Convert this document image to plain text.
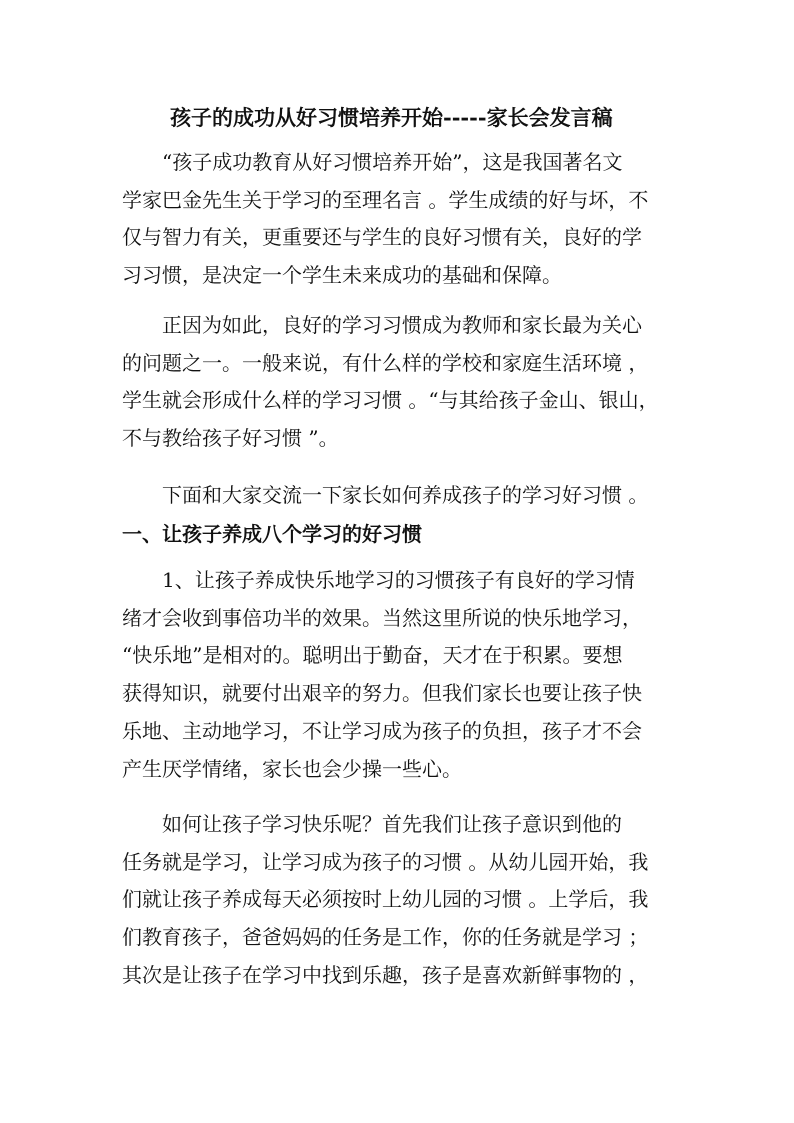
孩子的成功从好习惯培养开始-----家长会发言稿
“孩子成功教育从好习惯培养开始”，这是我国著名文
学家巴金先生关于学习的至理名言 。学生成绩的好与坏，不
仅与智力有关，更重要还与学生的良好习惯有关，良好的学
习习惯，是决定一个学生未来成功的基础和保障。
正因为如此，良好的学习习惯成为教师和家长最为关心
的问题之一。一般来说，有什么样的学校和家庭生活环境 ，
学生就会形成什么样的学习习惯 。“与其给孩子金山、银山，
不与教给孩子好习惯 ”。
下面和大家交流一下家长如何养成孩子的学习好习惯 。
一、让孩子养成八个学习的好习惯
1、让孩子养成快乐地学习的习惯孩子有良好的学习情
绪才会收到事倍功半的效果。当然这里所说的快乐地学习，
“快乐地”是相对的。聪明出于勤奋，天才在于积累。要想
获得知识，就要付出艰辛的努力。但我们家长也要让孩子快
乐地、主动地学习，不让学习成为孩子的负担，孩子才不会
产生厌学情绪，家长也会少操一些心。
如何让孩子学习快乐呢？首先我们让孩子意识到他的
任务就是学习，让学习成为孩子的习惯 。从幼儿园开始，我
们就让孩子养成每天必须按时上幼儿园的习惯 。上学后，我
们教育孩子，爸爸妈妈的任务是工作，你的任务就是学习 ；
其次是让孩子在学习中找到乐趣，孩子是喜欢新鲜事物的 ，
